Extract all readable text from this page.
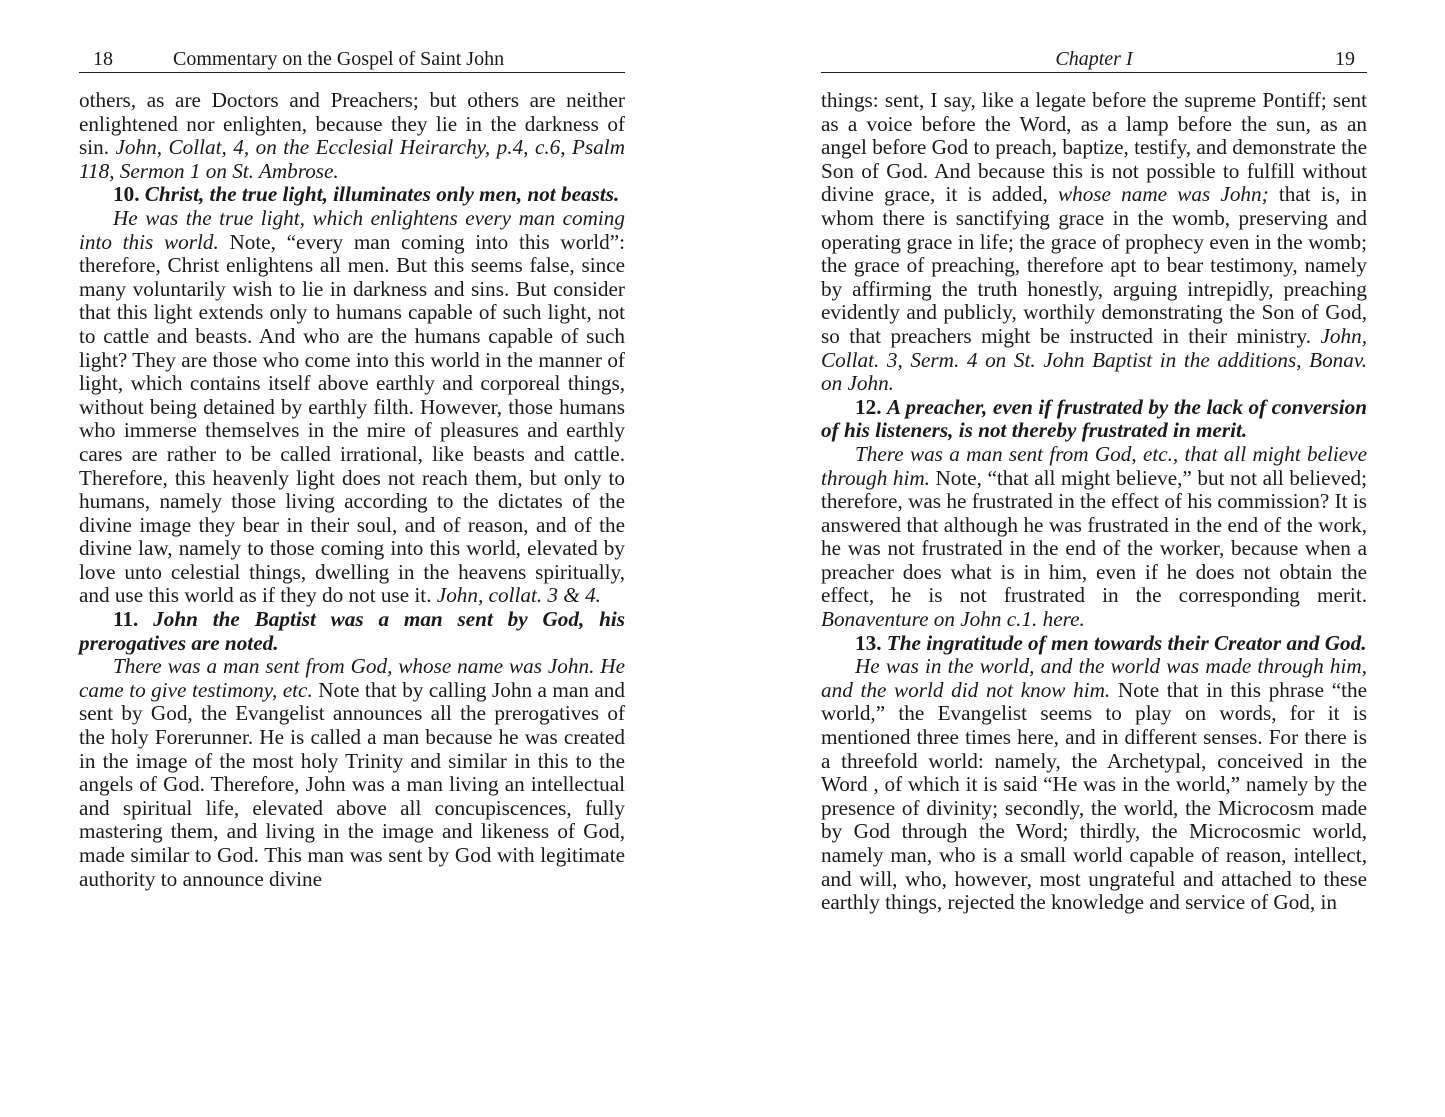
18	Commentary on the Gospel of Saint John

others, as are Doctors and Preachers; but others are neither enlightened nor enlighten, because they lie in the darkness of sin. John, Collat, 4, on the Ecclesial Heirarchy, p.4, c.6, Psalm 118, Sermon 1 on St. Ambrose.

10. Christ, the true light, illuminates only men, not beasts.

He was the true light, which enlightens every man coming into this world. Note, “every man coming into this world”: therefore, Christ enlightens all men. But this seems false, since many voluntarily wish to lie in darkness and sins. But consider that this light extends only to humans capable of such light, not to cattle and beasts. And who are the humans capable of such light? They are those who come into this world in the manner of light, which contains itself above earthly and corporeal things, without being detained by earthly filth. However, those humans who immerse themselves in the mire of pleasures and earthly cares are rather to be called irrational, like beasts and cattle. Therefore, this heavenly light does not reach them, but only to humans, namely those living according to the dictates of the divine image they bear in their soul, and of reason, and of the divine law, namely to those coming into this world, elevated by love unto celestial things, dwelling in the heavens spiritually, and use this world as if they do not use it. John, collat. 3 & 4.

11. John the Baptist was a man sent by God, his prerogatives are noted.

There was a man sent from God, whose name was John. He came to give testimony, etc. Note that by calling John a man and sent by God, the Evangelist announces all the prerogatives of the holy Forerunner. He is called a man because he was created in the image of the most holy Trinity and similar in this to the angels of God. Therefore, John was a man living an intellectual and spiritual life, elevated above all concupiscences, fully mastering them, and living in the image and likeness of God, made similar to God. This man was sent by God with legitimate authority to announce divine

Chapter I	19

things: sent, I say, like a legate before the supreme Pontiff; sent as a voice before the Word, as a lamp before the sun, as an angel before God to preach, baptize, testify, and demonstrate the Son of God. And because this is not possible to fulfill without divine grace, it is added, whose name was John; that is, in whom there is sanctifying grace in the womb, preserving and operating grace in life; the grace of prophecy even in the womb; the grace of preaching, therefore apt to bear testimony, namely by affirming the truth honestly, arguing intrepidly, preaching evidently and publicly, worthily demonstrating the Son of God, so that preachers might be instructed in their ministry. John, Collat. 3, Serm. 4 on St. John Baptist in the additions, Bonav. on John.

12. A preacher, even if frustrated by the lack of conversion of his listeners, is not thereby frustrated in merit.

There was a man sent from God, etc., that all might believe through him. Note, “that all might believe,” but not all believed; therefore, was he frustrated in the effect of his commission? It is answered that although he was frustrated in the end of the work, he was not frustrated in the end of the worker, because when a preacher does what is in him, even if he does not obtain the effect, he is not frustrated in the corresponding merit. Bonaventure on John c.1. here.

13. The ingratitude of men towards their Creator and God.

He was in the world, and the world was made through him, and the world did not know him. Note that in this phrase “the world,” the Evangelist seems to play on words, for it is mentioned three times here, and in different senses. For there is a threefold world: namely, the Archetypal, conceived in the Word , of which it is said “He was in the world,” namely by the presence of divinity; secondly, the world, the Microcosm made by God through the Word; thirdly, the Microcosmic world, namely man, who is a small world capable of reason, intellect, and will, who, however, most ungrateful and attached to these earthly things, rejected the knowledge and service of God, in
